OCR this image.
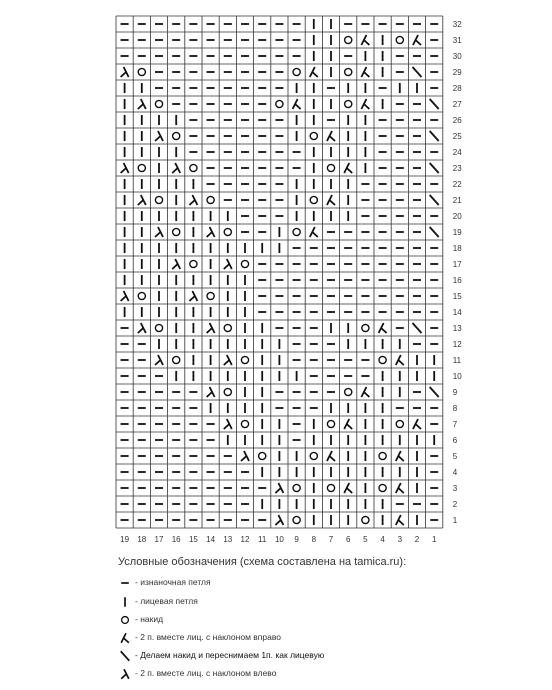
32
31
30
29
28
27
26
25
24
23
22
21
20
19
18
17
16
15
14
13
12
11
10
9
8
7
6
5
4
3
2
1
19 18 17 16 15 14 13 12 11 10 9 8 7 6 5 4 3 2 1
Условные обозначения (схема составлена на tamica.ru):
- изнаночная петля
- лицевая петля
- накид
- 2 п. вместе лиц. с наклоном вправо
- Делаем накид и переснимаем 1п. как лицевую
- 2 п. вместе лиц. с наклоном влево
